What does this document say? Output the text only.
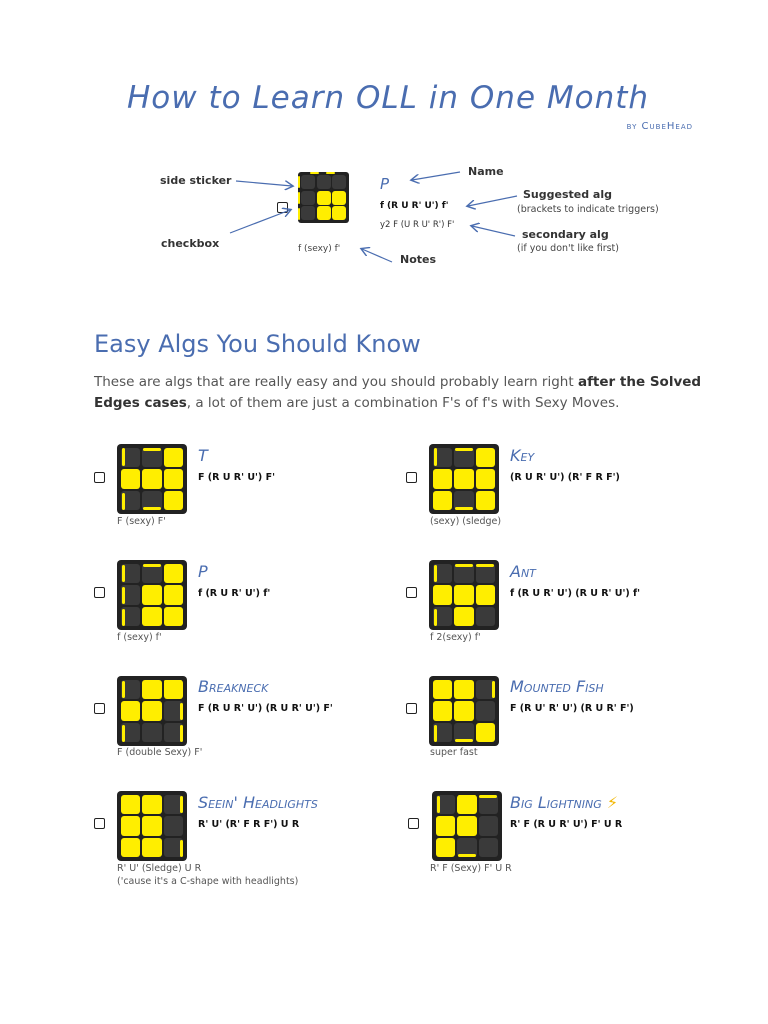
How to Learn OLL in One Month
by CubeHead
side sticker
checkbox
Name
Suggested alg
(brackets to indicate triggers)
secondary alg
(if you don't like first)
Notes
P
f (R U R' U') f'
y2 F (U R U' R') F'
f (sexy) f'
Easy Algs You Should Know
These are algs that are really easy and you should probably learn right after the Solved Edges cases, a lot of them are just a combination F's of f's with Sexy Moves.
T
F (R U R' U') F'
F (sexy) F'
Key
(R U R' U') (R' F R F')
(sexy) (sledge)
P
f (R U R' U') f'
f (sexy) f'
Ant
f (R U R' U') (R U R' U') f'
f 2(sexy) f'
Breakneck
F (R U R' U') (R U R' U') F'
F (double Sexy) F'
Mounted Fish
F (R U' R' U') (R U R' F')
super fast
Seein' Headlights
R' U' (R' F R F') U R
R' U' (Sledge) U R
('cause it's a C-shape with headlights)
Big Lightning ⚡
R' F (R U R' U') F' U R
R' F (Sexy) F' U R
